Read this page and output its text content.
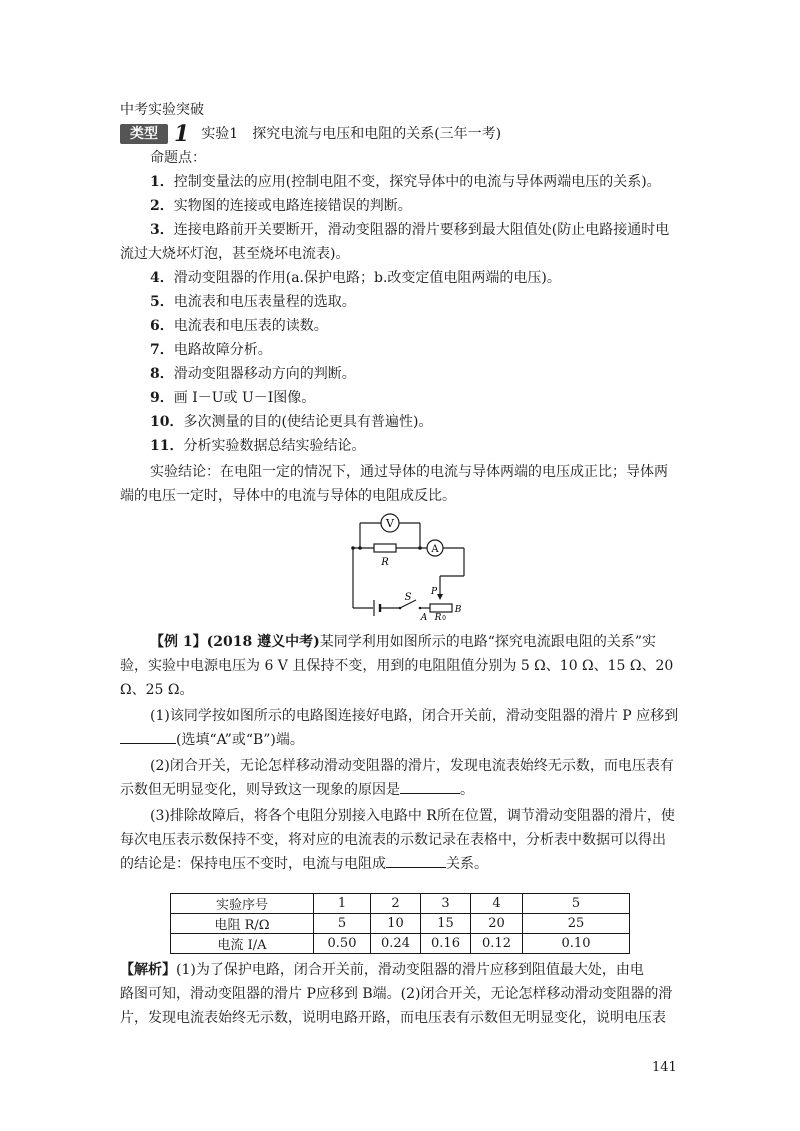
中考实验突破
类型 1 实验1　探究电流与电压和电阻的关系(三年一考)
命题点：
1．控制变量法的应用(控制电阻不变，探究导体中的电流与导体两端电压的关系)。
2．实物图的连接或电路连接错误的判断。
3．连接电路前开关要断开，滑动变阻器的滑片要移到最大阻值处(防止电路接通时电
流过大烧坏灯泡，甚至烧坏电流表)。
4．滑动变阻器的作用(a.保护电路；b.改变定值电阻两端的电压)。
5．电流表和电压表量程的选取。
6．电流表和电压表的读数。
7．电路故障分析。
8．滑动变阻器移动方向的判断。
9．画 I－U或 U－I图像。
10．多次测量的目的(使结论更具有普遍性)。
11．分析实验数据总结实验结论。
实验结论：在电阻一定的情况下，通过导体的电流与导体两端的电压成正比；导体两
端的电压一定时，导体中的电流与导体的电阻成反比。
V
A
R
S P
A R 0
B
【例 1】(2018 遵义中考)某同学利用如图所示的电路“探究电流跟电阻的关系”实
验，实验中电源电压为 6 V 且保持不变，用到的电阻阻值分别为 5 Ω、10 Ω、15 Ω、20
Ω、25 Ω。
(1)该同学按如图所示的电路图连接好电路，闭合开关前，滑动变阻器的滑片 P 应移到
(选填“A”或“B”)端。
(2)闭合开关，无论怎样移动滑动变阻器的滑片，发现电流表始终无示数，而电压表有
示数但无明显变化，则导致这一现象的原因是	。
(3)排除故障后，将各个电阻分别接入电路中 R所在位置，调节滑动变阻器的滑片，使
每次电压表示数保持不变，将对应的电流表的示数记录在表格中，分析表中数据可以得出
的结论是：保持电压不变时，电流与电阻成	关系。
实验序号	1	2	3	4	5
电阻 R/Ω	5	10	15	20	25
电流 I/A	0.50	0.24	0.16	0.12	0.10
【解析】(1)为了保护电路，闭合开关前，滑动变阻器的滑片应移到阻值最大处，由电
路图可知，滑动变阻器的滑片 P应移到 B端。(2)闭合开关，无论怎样移动滑动变阻器的滑
片，发现电流表始终无示数，说明电路开路，而电压表有示数但无明显变化，说明电压表
141
